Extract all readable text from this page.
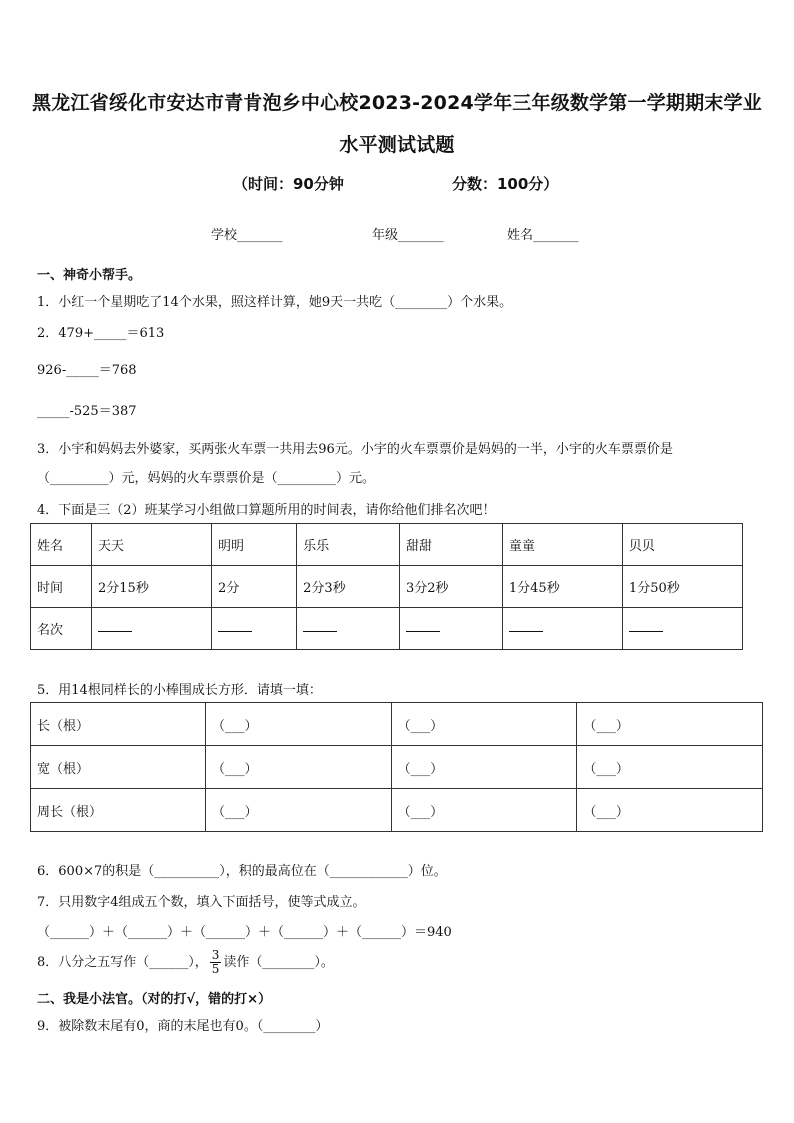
黑龙江省绥化市安达市青肯泡乡中心校2023-2024学年三年级数学第一学期期末学业
水平测试试题
（时间：90分钟	分数：100分）
学校_______	年级_______	姓名_______
一、神奇小帮手。
1．小红一个星期吃了14个水果，照这样计算，她9天一共吃（________）个水果。
2．479+_____＝613
926-_____＝768
_____-525＝387
3．小宇和妈妈去外婆家，买两张火车票一共用去96元。小宇的火车票票价是妈妈的一半，小宇的火车票票价是
（_________）元，妈妈的火车票票价是（_________）元。
4．下面是三（2）班某学习小组做口算题所用的时间表，请你给他们排名次吧！
姓名	天天	明明	乐乐	甜甜	童童	贝贝
时间	2分15秒	2分	2分3秒	3分2秒	1分45秒	1分50秒
名次						
5．用14根同样长的小棒围成长方形．请填一填：
长（根）	（___）	（___）	（___）
宽（根）	（___）	（___）	（___）
周长（根）	（___）	（___）	（___）
6．600×7的积是（__________），积的最高位在（____________）位。
7．只用数字4组成五个数，填入下面括号，使等式成立。
（______）＋（______）＋（______）＋（______）＋（______）＝940
8．八分之五写作（______）， $\frac{3}{5}$ 读作（________）。
二、我是小法官。（对的打√，错的打×）
9．被除数末尾有0，商的末尾也有0。（________）
